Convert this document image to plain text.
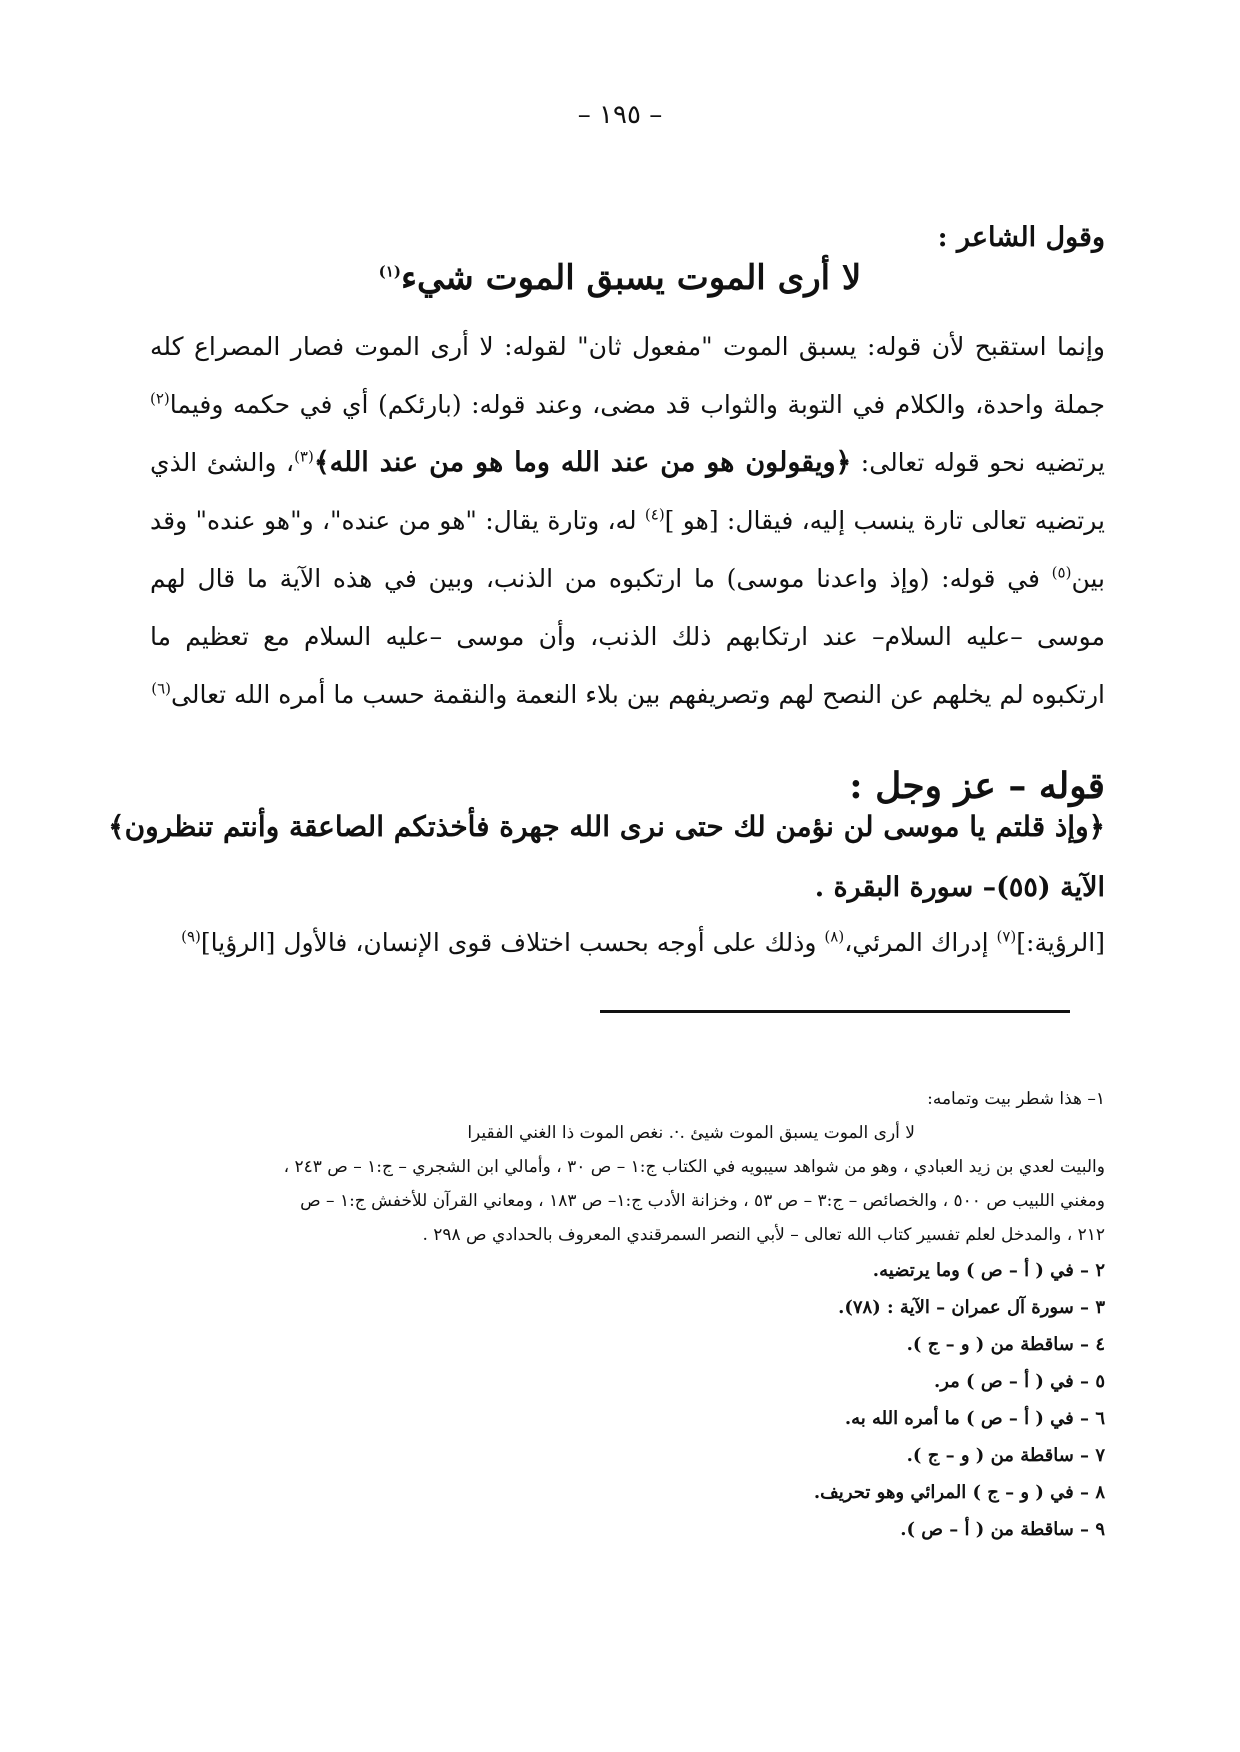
– ١٩٥ –
وقول الشاعر :
لا أرى الموت يسبق الموت شيء$^{(١)}$

وإنما استقبح لأن قوله: يسبق الموت "مفعول ثان" لقوله: لا أرى الموت فصار المصراع كله جملة واحدة، والكلام في التوبة والثواب قد مضى، وعند قوله: (بارئكم) أي في حكمه وفيما$^{(٢)}$ يرتضيه نحو قوله تعالى: ﴿ويقولون هو من عند الله وما هو من عند الله﴾$^{(٣)}$، والشئ الذي يرتضيه تعالى تارة ينسب إليه، فيقال: [هو ]$^{(٤)}$ له، وتارة يقال: "هو من عنده"، و"هو عنده" وقد بين$^{(٥)}$ في قوله: (وإذ واعدنا موسى) ما ارتكبوه من الذنب، وبين في هذه الآية ما قال لهم موسى –عليه السلام– عند ارتكابهم ذلك الذنب، وأن موسى –عليه السلام مع تعظيم ما ارتكبوه لم يخلهم عن النصح لهم وتصريفهم بين بلاء النعمة والنقمة حسب ما أمره الله تعالى$^{(٦)}$

قوله – عز وجل :
﴿وإذ قلتم يا موسى لن نؤمن لك حتى نرى الله جهرة فأخذتكم الصاعقة وأنتم تنظرون﴾
الآية (٥٥)– سورة البقرة .
[الرؤية:]$^{(٧)}$ إدراك المرئي،$^{(٨)}$ وذلك على أوجه بحسب اختلاف قوى الإنسان، فالأول [الرؤيا]$^{(٩)}$

١– هذا شطر بيت وتمامه:

لا أرى الموت يسبق الموت شيئ .·. نغص الموت ذا الغني الفقيرا

والبيت لعدي بن زيد العبادي ، وهو من شواهد سيبويه في الكتاب ج:١ – ص ٣٠ ، وأمالي ابن الشجري – ج:١ – ص ٢٤٣ ،

ومغني اللبيب ص ٥٠٠ ، والخصائص – ج:٣ – ص ٥٣ ، وخزانة الأدب ج:١– ص ١٨٣ ، ومعاني القرآن للأخفش ج:١ – ص

٢١٢ ، والمدخل لعلم تفسير كتاب الله تعالى – لأبي النصر السمرقندي المعروف بالحدادي ص ٢٩٨ .

٢ – في ( أ – ص ) وما يرتضيه.

٣ – سورة آل عمران – الآية : (٧٨).

٤ – ساقطة من ( و – ج ).

٥ – في ( أ – ص ) مر.

٦ – في ( أ – ص ) ما أمره الله به.

٧ – ساقطة من ( و – ج ).

٨ – في ( و – ج ) المرائي وهو تحريف.

٩ – ساقطة من ( أ – ص ).
